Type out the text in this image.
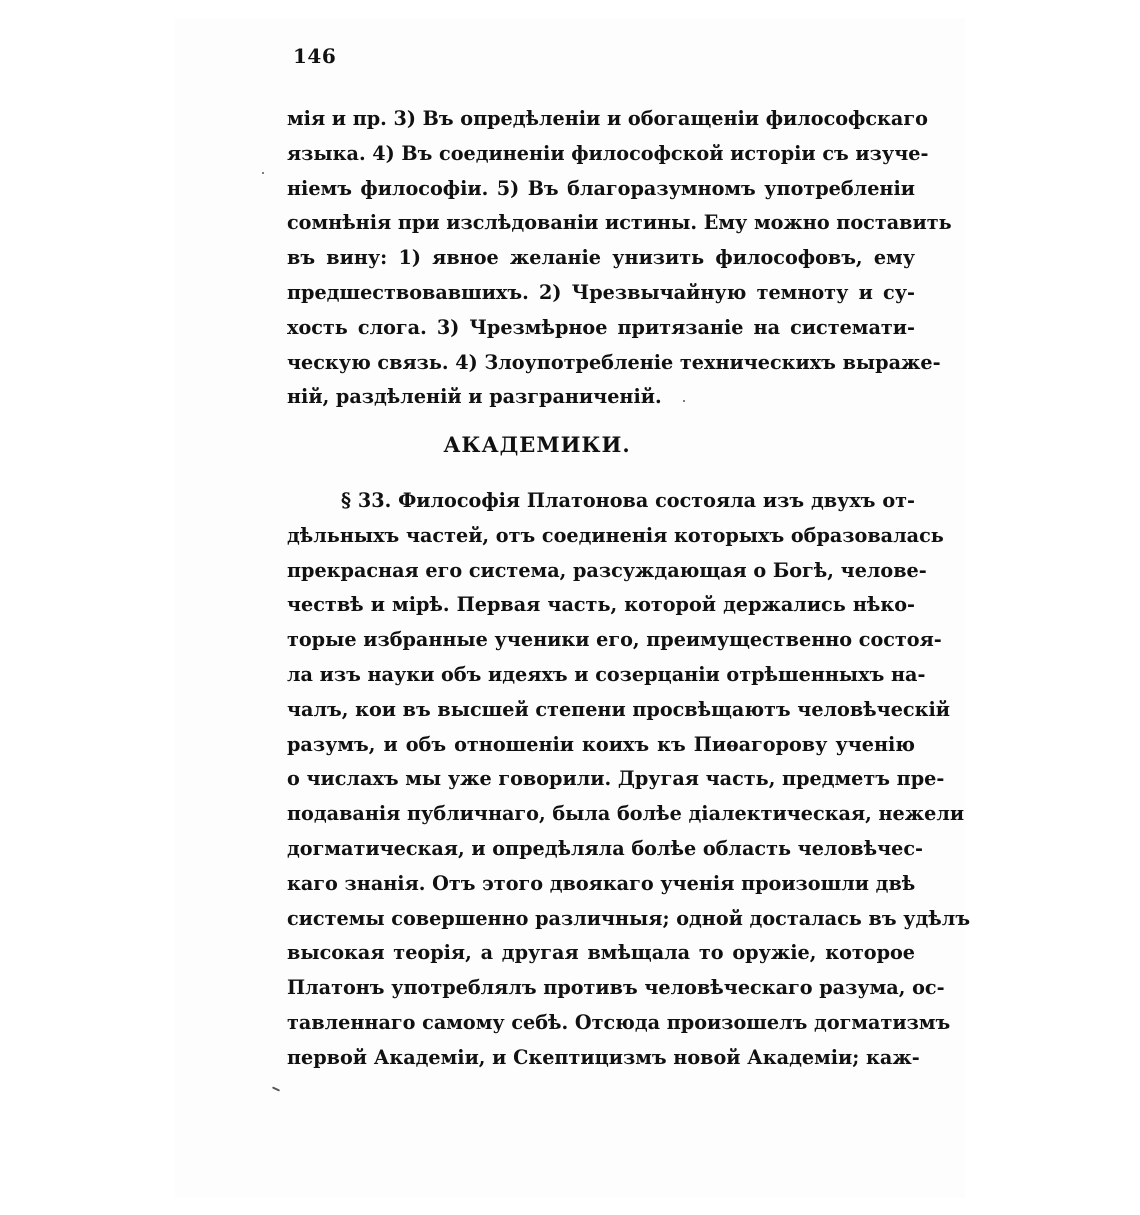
146
мія и пр. 3) Въ опредѣленіи и обогащеніи философскаго
языка. 4) Въ соединеніи философской исторіи съ изуче-
ніемъ философіи. 5) Въ благоразумномъ употребленіи
сомнѣнія при изслѣдованіи истины. Ему можно поставить
въ вину: 1) явное желаніе унизить философовъ, ему
предшествовавшихъ. 2) Чрезвычайную темноту и су-
хость слога. 3) Чрезмѣрное притязаніе на системати-
ческую связь. 4) Злоупотребленіе техническихъ выраже-
ній, раздѣленій и разграниченій.
АКАДЕМИКИ.
§ 33. Философія Платонова состояла изъ двухъ от-
дѣльныхъ частей, отъ соединенія которыхъ образовалась
прекрасная его система, разсуждающая о Богѣ, челове-
чествѣ и мірѣ. Первая часть, которой держались нѣко-
торые избранные ученики его, преимущественно состоя-
ла изъ науки объ идеяхъ и созерцаніи отрѣшенныхъ на-
чалъ, кои въ высшей степени просвѣщаютъ человѣческій
разумъ, и объ отношеніи коихъ къ Пиѳагорову ученію
о числахъ мы уже говорили. Другая часть, предметъ пре-
подаванія публичнаго, была болѣе діалектическая, нежели
догматическая, и опредѣляла болѣе область человѣчес-
каго знанія. Отъ этого двоякаго ученія произошли двѣ
системы совершенно различныя; одной досталась въ удѣлъ
высокая теорія, а другая вмѣщала то оружіе, которое
Платонъ употреблялъ противъ человѣческаго разума, ос-
тавленнаго самому себѣ. Отсюда произошелъ догматизмъ
первой Академіи, и Скептицизмъ новой Академіи; каж-
